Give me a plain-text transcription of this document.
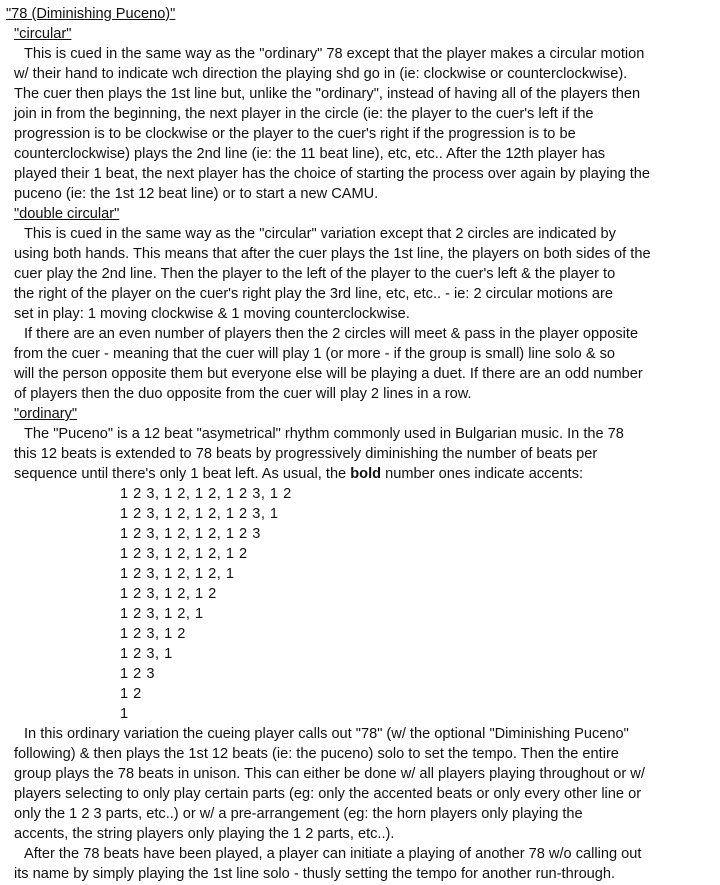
"78 (Diminishing Puceno)"
"circular"
This is cued in the same way as the "ordinary" 78 except that the player makes a circular motion
w/ their hand to indicate wch direction the playing shd go in (ie: clockwise or counterclockwise).
The cuer then plays the 1st line but, unlike the "ordinary", instead of having all of the players then
join in from the beginning, the next player in the circle (ie: the player to the cuer's left if the
progression is to be clockwise or the player to the cuer's right if the progression is to be
counterclockwise) plays the 2nd line (ie: the 11 beat line), etc, etc.. After the 12th player has
played their 1 beat, the next player has the choice of starting the process over again by playing the
puceno (ie: the 1st 12 beat line) or to start a new CAMU.
"double circular"
This is cued in the same way as the "circular" variation except that 2 circles are indicated by
using both hands. This means that after the cuer plays the 1st line, the players on both sides of the
cuer play the 2nd line. Then the player to the left of the player to the cuer's left & the player to
the right of the player on the cuer's right play the 3rd line, etc, etc.. - ie: 2 circular motions are
set in play: 1 moving clockwise & 1 moving counterclockwise.
If there are an even number of players then the 2 circles will meet & pass in the player opposite
from the cuer - meaning that the cuer will play 1 (or more - if the group is small) line solo & so
will the person opposite them but everyone else will be playing a duet. If there are an odd number
of players then the duo opposite from the cuer will play 2 lines in a row.
"ordinary"
The "Puceno" is a 12 beat "asymetrical" rhythm commonly used in Bulgarian music. In the 78
this 12 beats is extended to 78 beats by progressively diminishing the number of beats per
sequence until there's only 1 beat left. As usual, the bold number ones indicate accents:
1 2 3, 1 2, 1 2, 1 2 3, 1 2
1 2 3, 1 2, 1 2, 1 2 3, 1
1 2 3, 1 2, 1 2, 1 2 3
1 2 3, 1 2, 1 2, 1 2
1 2 3, 1 2, 1 2, 1
1 2 3, 1 2, 1 2
1 2 3, 1 2, 1
1 2 3, 1 2
1 2 3, 1
1 2 3
1 2
1
In this ordinary variation the cueing player calls out "78" (w/ the optional "Diminishing Puceno"
following) & then plays the 1st 12 beats (ie: the puceno) solo to set the tempo. Then the entire
group plays the 78 beats in unison. This can either be done w/ all players playing throughout or w/
players selecting to only play certain parts (eg: only the accented beats or only every other line or
only the 1 2 3 parts, etc..) or w/ a pre-arrangement (eg: the horn players only playing the
accents, the string players only playing the 1 2 parts, etc..).
After the 78 beats have been played, a player can initiate a playing of another 78 w/o calling out
its name by simply playing the 1st line solo - thusly setting the tempo for another run-through.
